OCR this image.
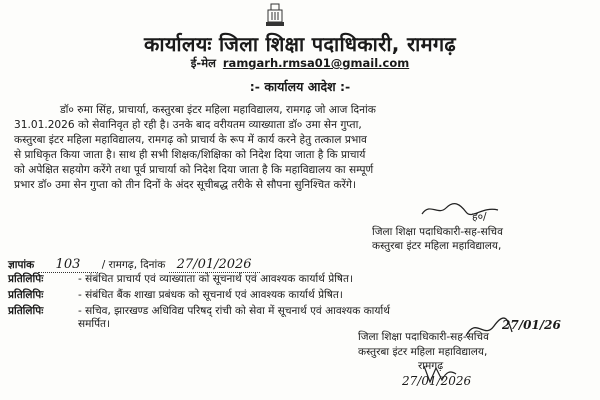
कार्यालयः जिला शिक्षा पदाधिकारी, रामगढ़
ई-मेल ramgarh.rmsa01@gmail.com
:- कार्यालय आदेश :-
डॉ० रुमा सिंह, प्राचार्या, कस्तुरबा इंटर महिला महाविद्यालय, रामगढ़ जो आज दिनांक
31.01.2026 को सेवानिवृत हो रही है। उनके बाद वरीयतम व्याख्याता डॉ० उमा सेन गुप्ता,
कस्तुरबा इंटर महिला महाविद्यालय, रामगढ़ को प्राचार्य के रूप में कार्य करने हेतु तत्काल प्रभाव
से प्राधिकृत किया जाता है। साथ ही सभी शिक्षक/शिक्षिका को निदेश दिया जाता है कि प्राचार्य
को अपेक्षित सहयोग करेंगे तथा पूर्व प्राचार्या को निदेश दिया जाता है कि महाविद्यालय का सम्पूर्ण
प्रभार डॉ० उमा सेन गुप्ता को तीन दिनों के अंदर सूचीबद्ध तरीके से सौपना सुनिश्चित करेंगे।
ह०/
जिला शिक्षा पदाधिकारी-सह-सचिव
कस्तुरबा इंटर महिला महाविद्यालय,
ज्ञापांक 103 / रामगढ़, दिनांक 27/01/2026
प्रतिलिपिः	- संबंधित प्राचार्य एवं व्याख्याता को सूचनार्थ एवं आवश्यक कार्यार्थ प्रेषित।
प्रतिलिपिः	- संबंधित बैंक शाखा प्रबंधक को सूचनार्थ एवं आवश्यक कार्यार्थ प्रेषित।
प्रतिलिपिः	- सचिव, झारखण्ड अधिविद्य परिषद् रांची को सेवा में सूचनार्थ एवं आवश्यक कार्यार्थ
समर्पित।	27/01/26
जिला शिक्षा पदाधिकारी-सह-सचिव
कस्तुरबा इंटर महिला महाविद्यालय,
रामगढ़
27/01/2026
